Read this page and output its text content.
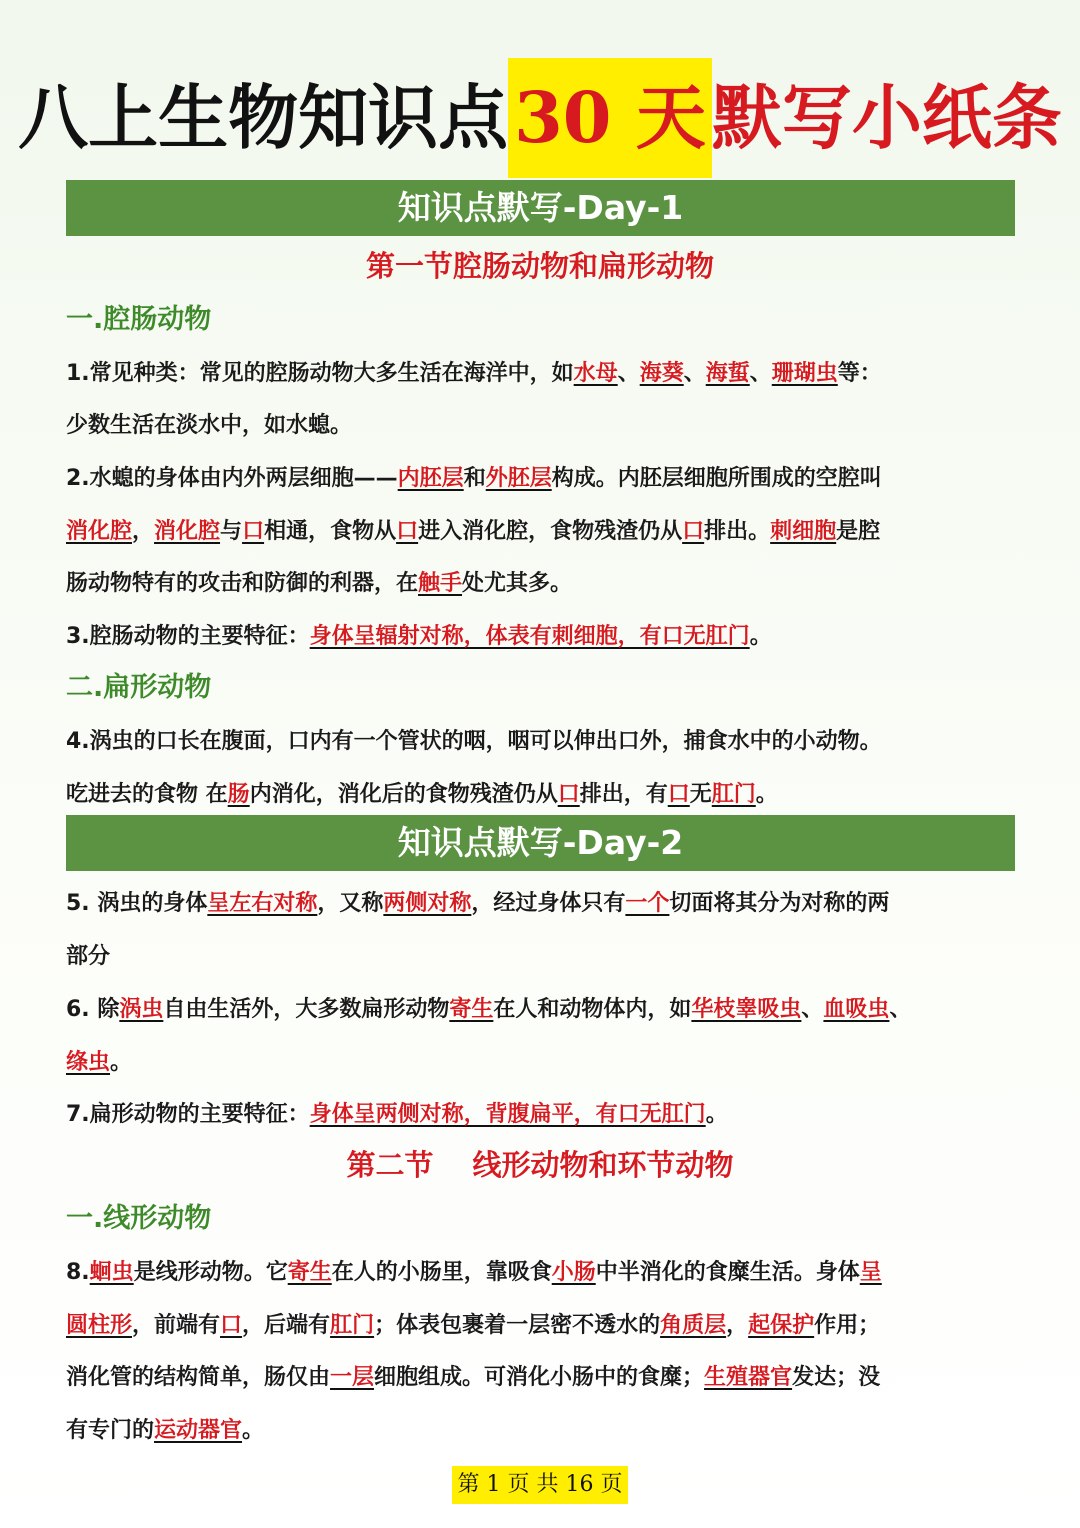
八上生物知识点30 天默写小纸条
知识点默写-Day-1
第一节腔肠动物和扁形动物
一.腔肠动物
1.常见种类：常见的腔肠动物大多生活在海洋中，如水母、海葵、海蜇、珊瑚虫等：
少数生活在淡水中，如水螅。
2.水螅的身体由内外两层细胞——内胚层和外胚层构成。内胚层细胞所围成的空腔叫
消化腔，消化腔与口相通，食物从口进入消化腔，食物残渣仍从口排出。刺细胞是腔
肠动物特有的攻击和防御的利器，在触手处尤其多。
3.腔肠动物的主要特征：身体呈辐射对称，体表有刺细胞，有口无肛门。
二.扁形动物
4.涡虫的口长在腹面，口内有一个管状的咽，咽可以伸出口外，捕食水中的小动物。
吃进去的食物 在肠内消化，消化后的食物残渣仍从口排出，有口无肛门。
知识点默写-Day-2
5. 涡虫的身体呈左右对称，又称两侧对称，经过身体只有一个切面将其分为对称的两
部分
6. 除涡虫自由生活外，大多数扁形动物寄生在人和动物体内，如华枝睾吸虫、血吸虫、
绦虫。
7.扁形动物的主要特征：身体呈两侧对称，背腹扁平，有口无肛门。
第二节　 线形动物和环节动物
一.线形动物
8.蛔虫是线形动物。它寄生在人的小肠里，靠吸食小肠中半消化的食糜生活。身体呈
圆柱形，前端有口，后端有肛门；体表包裹着一层密不透水的角质层，起保护作用；
消化管的结构简单，肠仅由一层细胞组成。可消化小肠中的食糜；生殖器官发达；没
有专门的运动器官。
第 1 页 共 16 页
